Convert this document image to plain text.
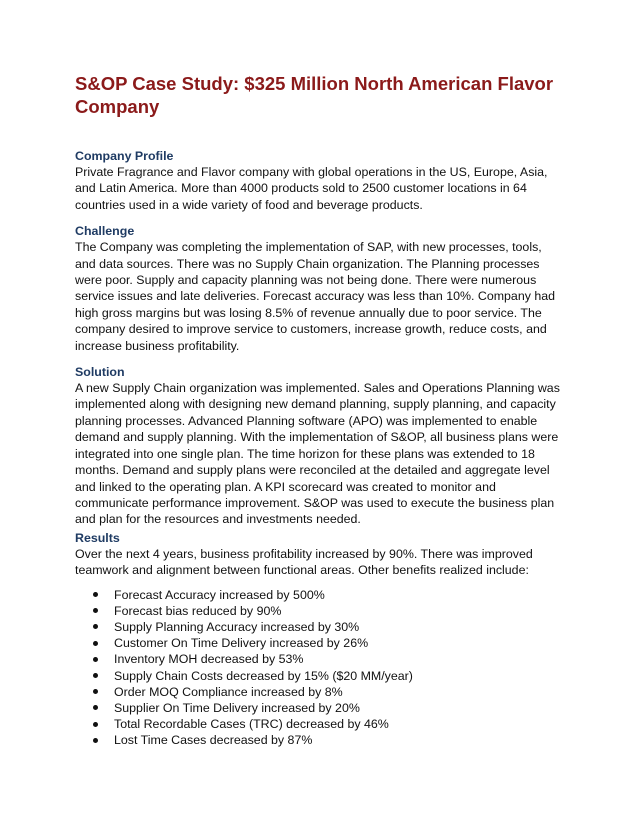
S&OP Case Study: $325 Million North American Flavor Company

Company Profile

Private Fragrance and Flavor company with global operations in the US, Europe, Asia, and Latin America. More than 4000 products sold to 2500 customer locations in 64 countries used in a wide variety of food and beverage products.

Challenge

The Company was completing the implementation of SAP, with new processes, tools, and data sources. There was no Supply Chain organization. The Planning processes were poor. Supply and capacity planning was not being done. There were numerous service issues and late deliveries. Forecast accuracy was less than 10%. Company had high gross margins but was losing 8.5% of revenue annually due to poor service. The company desired to improve service to customers, increase growth, reduce costs, and increase business profitability.

Solution

A new Supply Chain organization was implemented. Sales and Operations Planning was implemented along with designing new demand planning, supply planning, and capacity planning processes. Advanced Planning software (APO) was implemented to enable demand and supply planning. With the implementation of S&OP, all business plans were integrated into one single plan. The time horizon for these plans was extended to 18 months. Demand and supply plans were reconciled at the detailed and aggregate level and linked to the operating plan. A KPI scorecard was created to monitor and communicate performance improvement. S&OP was used to execute the business plan and plan for the resources and investments needed.

Results

Over the next 4 years, business profitability increased by 90%. There was improved teamwork and alignment between functional areas. Other benefits realized include:

Forecast Accuracy increased by 500%
Forecast bias reduced by 90%
Supply Planning Accuracy increased by 30%
Customer On Time Delivery increased by 26%
Inventory MOH decreased by 53%
Supply Chain Costs decreased by 15% ($20 MM/year)
Order MOQ Compliance increased by 8%
Supplier On Time Delivery increased by 20%
Total Recordable Cases (TRC) decreased by 46%
Lost Time Cases decreased by 87%
